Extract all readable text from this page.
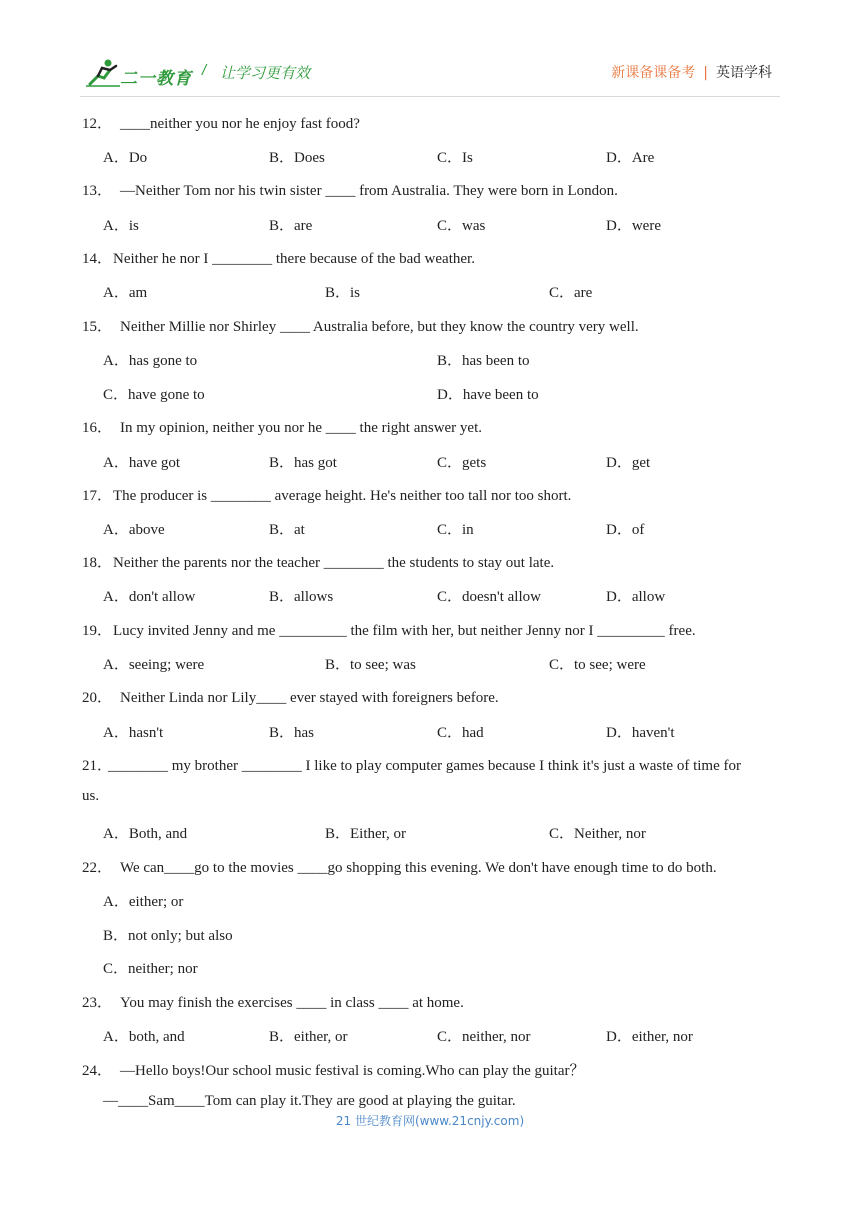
二一教育 / 让学习更有效	新课备课备考 | 英语学科
12． ____neither you nor he enjoy fast food?
A．Do	B．Does	C．Is	D．Are
13． —Neither Tom nor his twin sister ____ from Australia. They were born in London.
A．is	B．are	C．was	D．were
14．Neither he nor I ________ there because of the bad weather.
A．am	B．is	C．are
15． Neither Millie nor Shirley ____ Australia before, but they know the country very well.
A．has gone to	B．has been to
C．have gone to	D．have been to
16． In my opinion, neither you nor he ____ the right answer yet.
A．have got	B．has got	C．gets	D．get
17．The producer is ________ average height. He's neither too tall nor too short.
A．above	B．at	C．in	D．of
18．Neither the parents nor the teacher ________ the students to stay out late.
A．don't allow	B．allows	C．doesn't allow	D．allow
19．Lucy invited Jenny and me _________ the film with her, but neither Jenny nor I _________ free.
A．seeing; were	B．to see; was	C．to see; were
20． Neither Linda nor Lily____ ever stayed with foreigners before.
A．hasn't	B．has	C．had	D．haven't
21．________ my brother ________ I like to play computer games because I think it's just a waste of time for
us.
A．Both, and	B．Either, or	C．Neither, nor
22． We can____go to the movies ____go shopping this evening. We don't have enough time to do both.
A．either; or
B．not only; but also
C．neither; nor
23． You may finish the exercises ____ in class ____ at home.
A．both, and	B．either, or	C．neither, nor	D．either, nor
24． —Hello boys!Our school music festival is coming.Who can play the guitar？
—____Sam____Tom can play it.They are good at playing the guitar.
21 世纪教育网(www.21cnjy.com)
